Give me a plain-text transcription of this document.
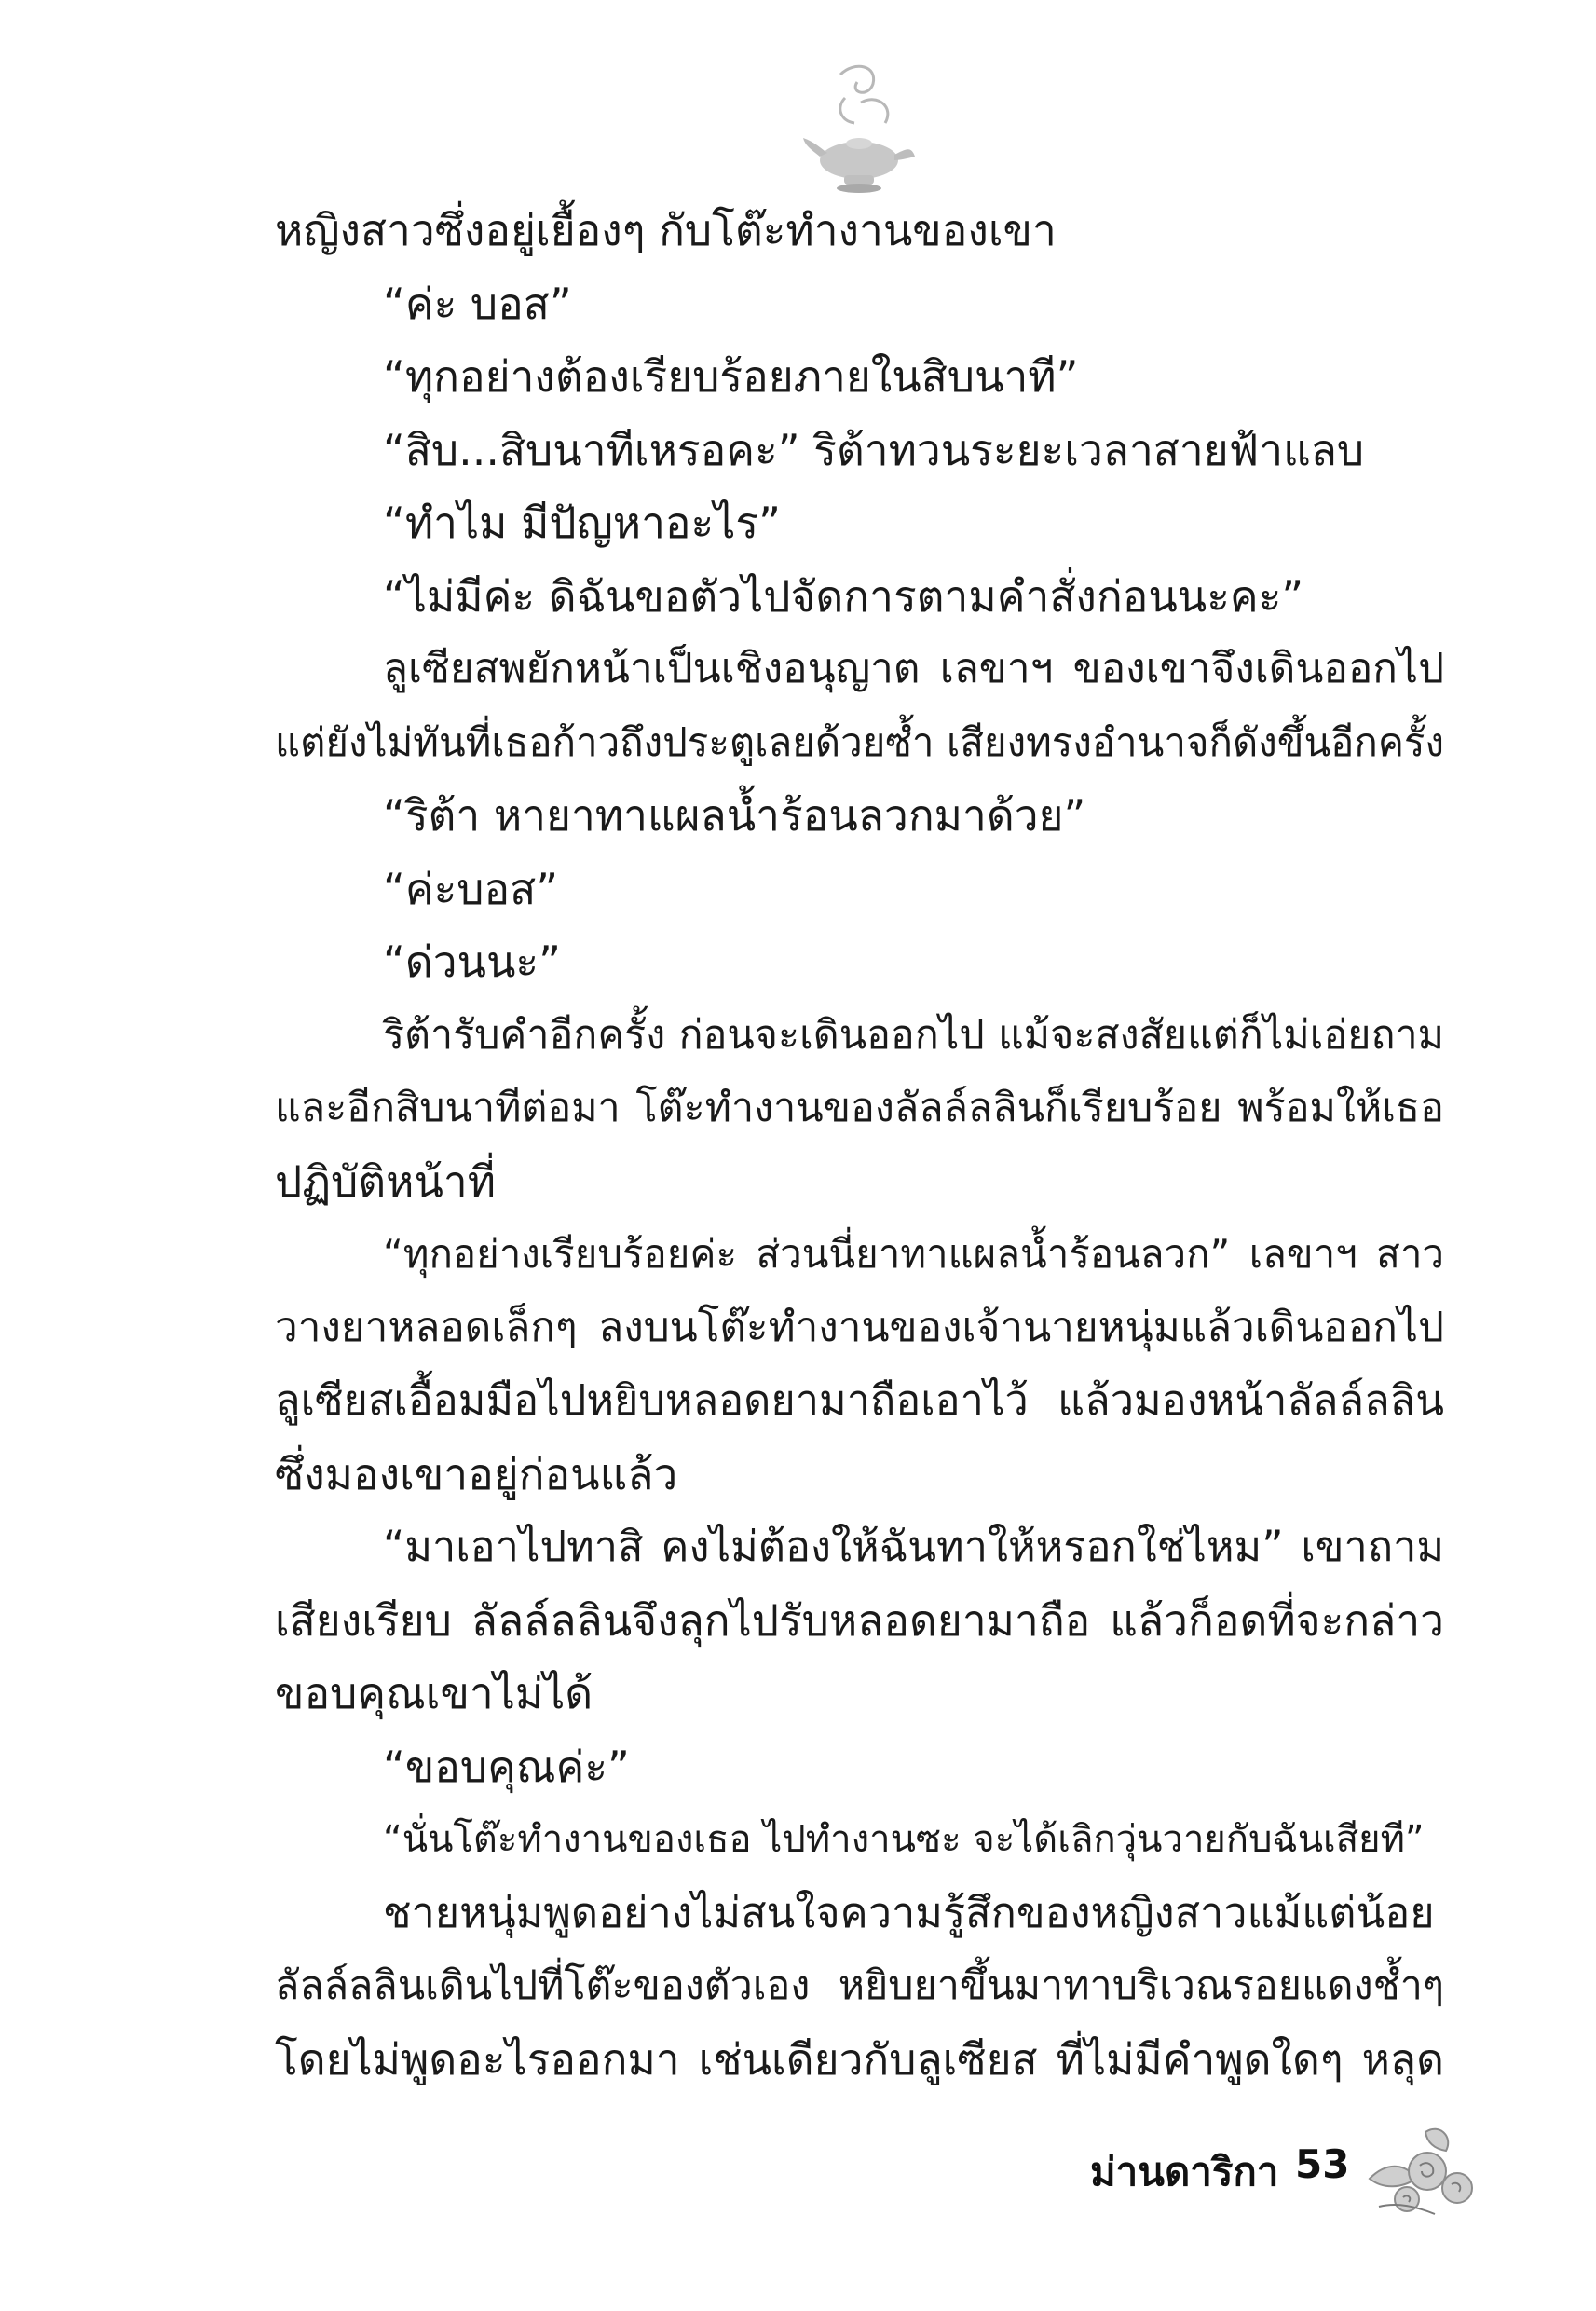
หญิงสาวซึ่งอยู่เยื้องๆ กับโต๊ะทำงานของเขา
“ค่ะ บอส”
“ทุกอย่างต้องเรียบร้อยภายในสิบนาที”
“สิบ...สิบนาทีเหรอคะ” ริต้าทวนระยะเวลาสายฟ้าแลบ
“ทำไม มีปัญหาอะไร”
“ไม่มีค่ะ ดิฉันขอตัวไปจัดการตามคำสั่งก่อนนะคะ”
ลูเซียสพยักหน้าเป็นเชิงอนุญาต เลขาฯ ของเขาจึงเดินออกไป
แต่ยังไม่ทันที่เธอก้าวถึงประตูเลยด้วยซ้ำ เสียงทรงอำนาจก็ดังขึ้นอีกครั้ง
“ริต้า หายาทาแผลน้ำร้อนลวกมาด้วย”
“ค่ะบอส”
“ด่วนนะ”
ริต้ารับคำอีกครั้ง ก่อนจะเดินออกไป แม้จะสงสัยแต่ก็ไม่เอ่ยถาม
และอีกสิบนาทีต่อมา โต๊ะทำงานของลัลล์ลลินก็เรียบร้อย พร้อมให้เธอ
ปฏิบัติหน้าที่
“ทุกอย่างเรียบร้อยค่ะ ส่วนนี่ยาทาแผลน้ำร้อนลวก” เลขาฯ สาว
วางยาหลอดเล็กๆ ลงบนโต๊ะทำงานของเจ้านายหนุ่มแล้วเดินออกไป
ลูเซียสเอื้อมมือไปหยิบหลอดยามาถือเอาไว้ แล้วมองหน้าลัลล์ลลิน
ซึ่งมองเขาอยู่ก่อนแล้ว
“มาเอาไปทาสิ คงไม่ต้องให้ฉันทาให้หรอกใช่ไหม” เขาถาม
เสียงเรียบ ลัลล์ลลินจึงลุกไปรับหลอดยามาถือ แล้วก็อดที่จะกล่าว
ขอบคุณเขาไม่ได้
“ขอบคุณค่ะ”
“นั่นโต๊ะทำงานของเธอ ไปทำงานซะ จะได้เลิกวุ่นวายกับฉันเสียที”
ชายหนุ่มพูดอย่างไม่สนใจความรู้สึกของหญิงสาวแม้แต่น้อย
ลัลล์ลลินเดินไปที่โต๊ะของตัวเอง หยิบยาขึ้นมาทาบริเวณรอยแดงช้ำๆ
โดยไม่พูดอะไรออกมา เช่นเดียวกับลูเซียส ที่ไม่มีคำพูดใดๆ หลุด
ม่านดาริกา 53
